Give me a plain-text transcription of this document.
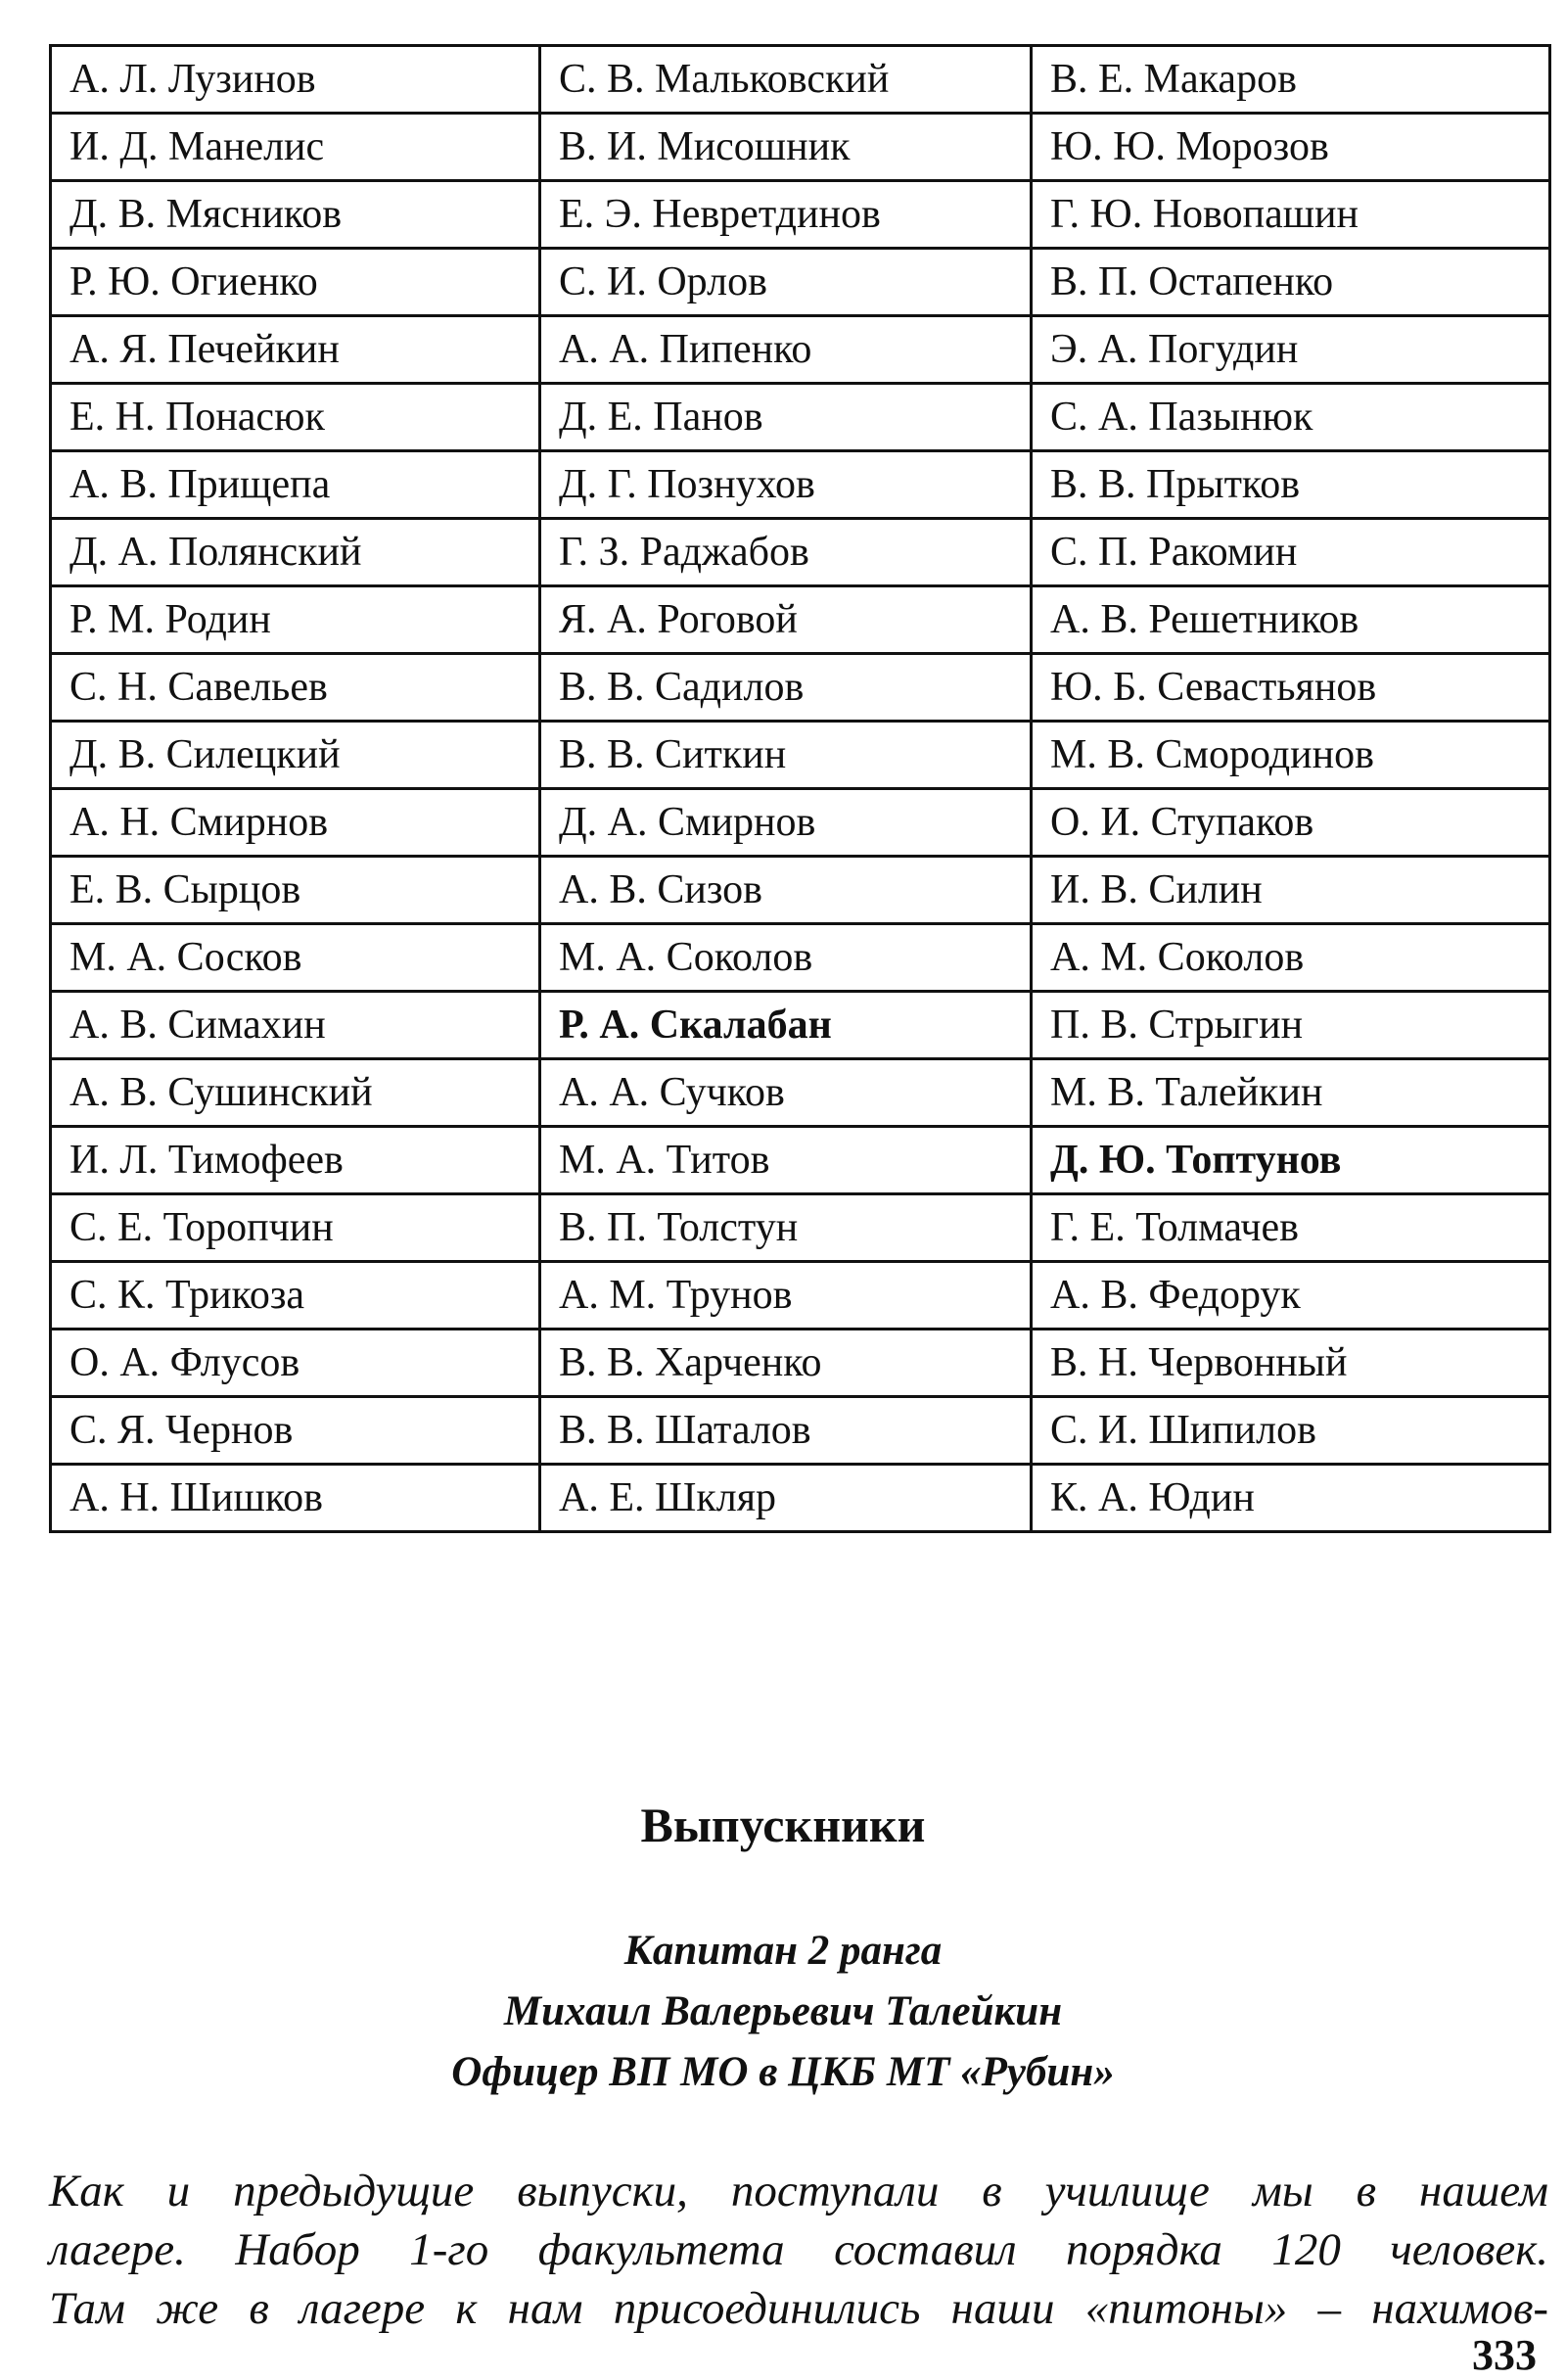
А. Л. Лузинов	С. В. Мальковский	В. Е. Макаров
И. Д. Манелис	В. И. Мисошник	Ю. Ю. Морозов
Д. В. Мясников	Е. Э. Невретдинов	Г. Ю. Новопашин
Р. Ю. Огиенко	С. И. Орлов	В. П. Остапенко
А. Я. Печейкин	А. А. Пипенко	Э. А. Погудин
Е. Н. Понасюк	Д. Е. Панов	С. А. Пазынюк
А. В. Прищепа	Д. Г. Познухов	В. В. Прытков
Д. А. Полянский	Г. З. Раджабов	С. П. Ракомин
Р. М. Родин	Я. А. Роговой	А. В. Решетников
С. Н. Савельев	В. В. Садилов	Ю. Б. Севастьянов
Д. В. Силецкий	В. В. Ситкин	М. В. Смородинов
А. Н. Смирнов	Д. А. Смирнов	О. И. Ступаков
Е. В. Сырцов	А. В. Сизов	И. В. Силин
М. А. Сосков	М. А. Соколов	А. М. Соколов
А. В. Симахин	Р. А. Скалабан	П. В. Стрыгин
А. В. Сушинский	А. А. Сучков	М. В. Талейкин
И. Л. Тимофеев	М. А. Титов	Д. Ю. Топтунов
С. Е. Торопчин	В. П. Толстун	Г. Е. Толмачев
С. К. Трикоза	А. М. Трунов	А. В. Федорук
О. А. Флусов	В. В. Харченко	В. Н. Червонный
С. Я. Чернов	В. В. Шаталов	С. И. Шипилов
А. Н. Шишков	А. Е. Шкляр	К. А. Юдин
Выпускники
Капитан 2 ранга
Михаил Валерьевич Талейкин
Офицер ВП МО в ЦКБ МТ «Рубин»
Как и предыдущие выпуски, поступали в училище мы в нашем
лагере. Набор 1-го факультета составил порядка 120 человек.
Там же в лагере к нам присоединились наши «питоны» – нахимов-
333
